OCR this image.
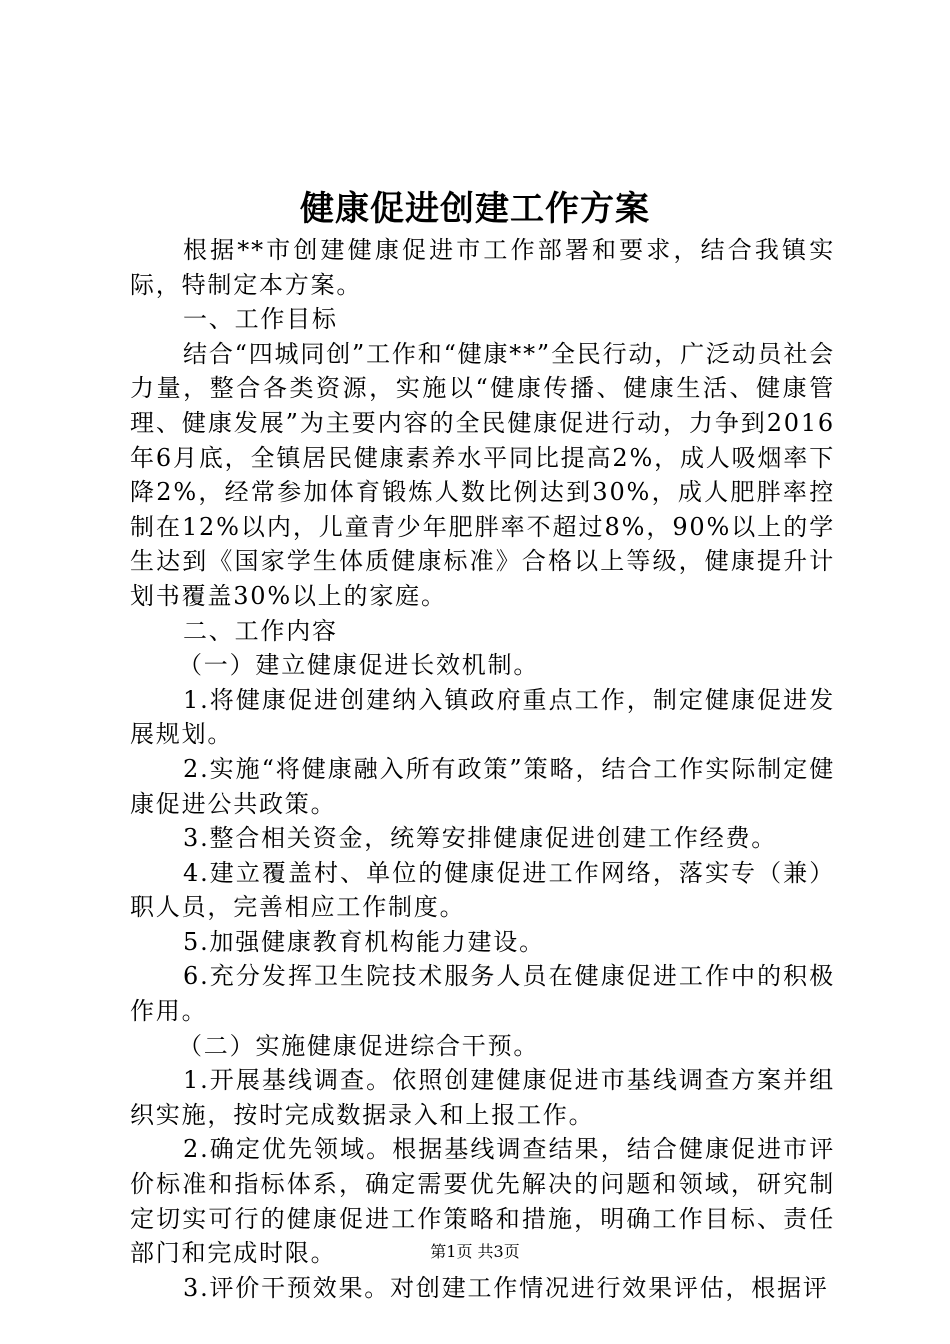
健康促进创建工作方案

根据**市创建健康促进市工作部署和要求，结合我镇实际，特制定本方案。

一、工作目标

结合“四城同创”工作和“健康**”全民行动，广泛动员社会力量，整合各类资源，实施以“健康传播、健康生活、健康管理、健康发展”为主要内容的全民健康促进行动，力争到2016年6月底，全镇居民健康素养水平同比提高2%，成人吸烟率下降2%，经常参加体育锻炼人数比例达到30%，成人肥胖率控制在12%以内，儿童青少年肥胖率不超过8%，90%以上的学生达到《国家学生体质健康标准》合格以上等级，健康提升计划书覆盖30%以上的家庭。

二、工作内容

（一）建立健康促进长效机制。

1.将健康促进创建纳入镇政府重点工作，制定健康促进发展规划。

2.实施“将健康融入所有政策”策略，结合工作实际制定健康促进公共政策。

3.整合相关资金，统筹安排健康促进创建工作经费。

4.建立覆盖村、单位的健康促进工作网络，落实专（兼）职人员，完善相应工作制度。

5.加强健康教育机构能力建设。

6.充分发挥卫生院技术服务人员在健康促进工作中的积极作用。

（二）实施健康促进综合干预。

1.开展基线调查。依照创建健康促进市基线调查方案并组织实施，按时完成数据录入和上报工作。

2.确定优先领域。根据基线调查结果，结合健康促进市评价标准和指标体系，确定需要优先解决的问题和领域，研究制定切实可行的健康促进工作策略和措施，明确工作目标、责任部门和完成时限。

3.评价干预效果。对创建工作情况进行效果评估，根据评

第1页 共3页
